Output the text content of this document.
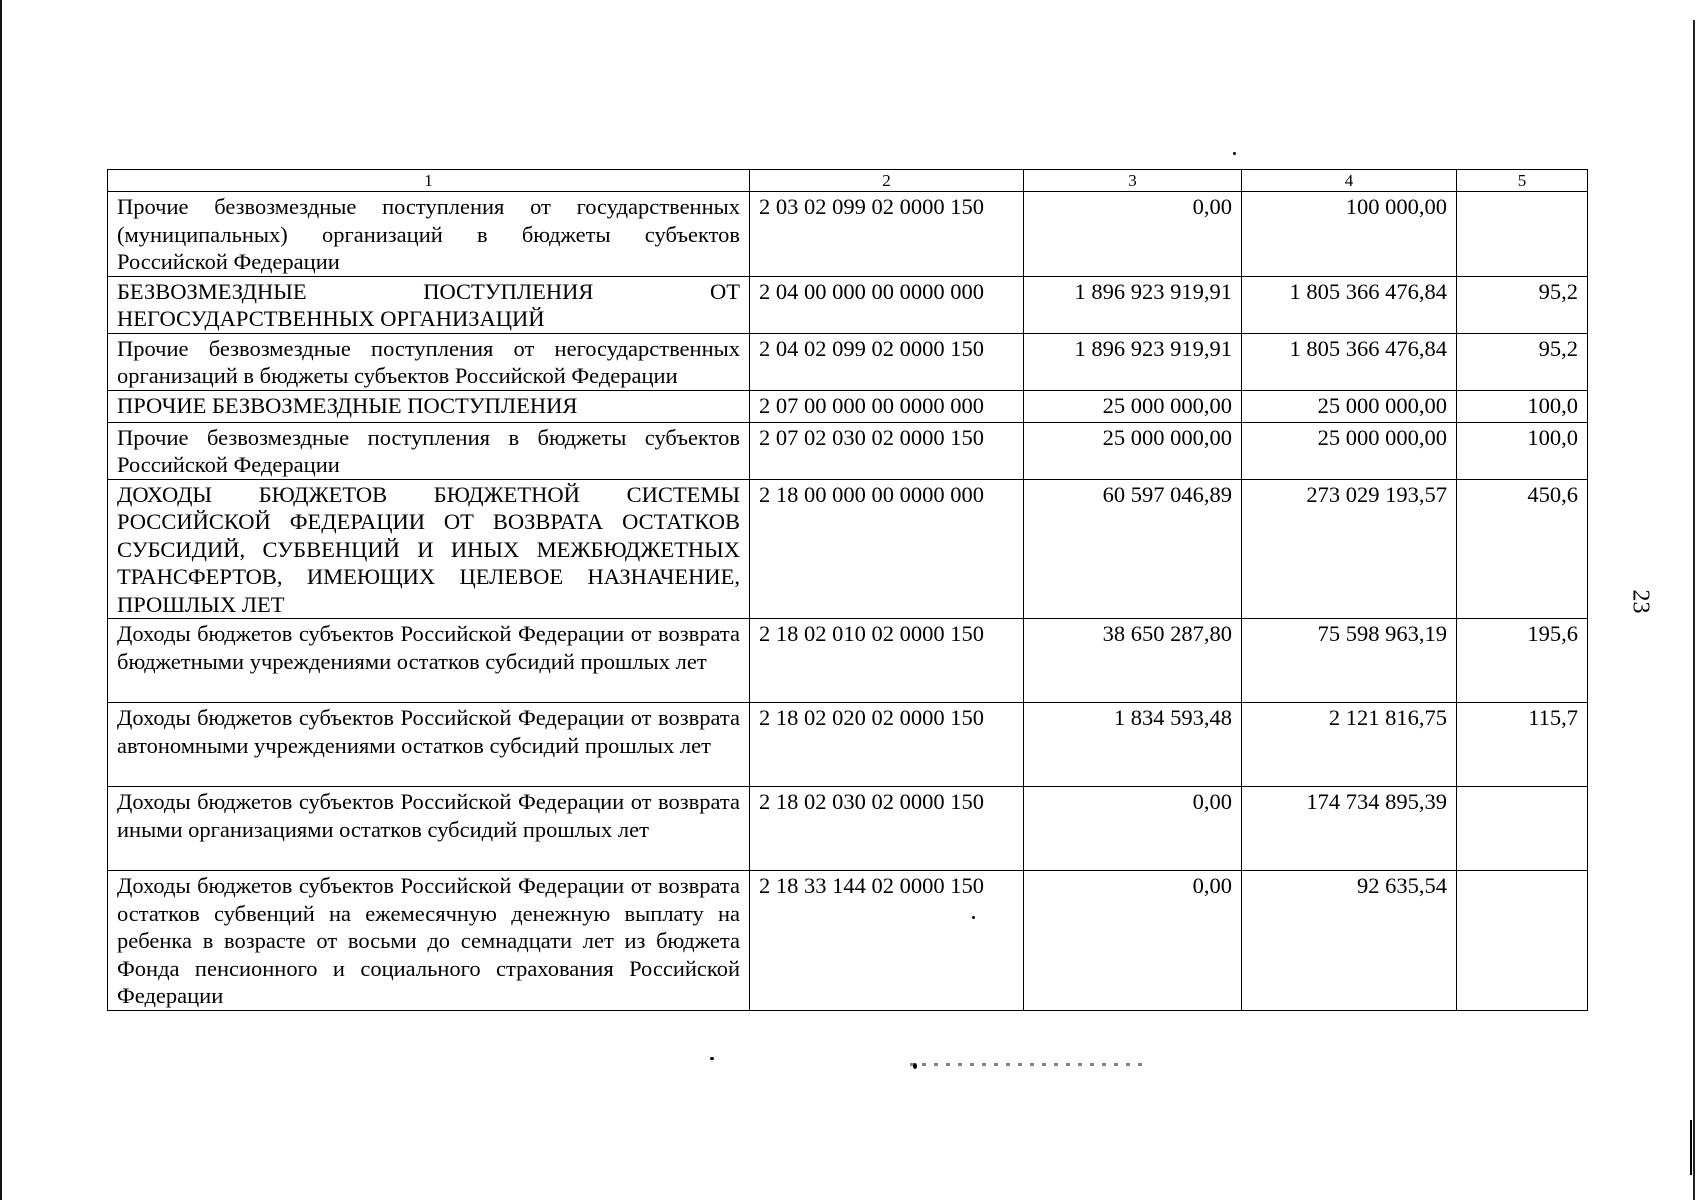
1	2	3	4	5
Прочие безвозмездные поступления от государственных (муниципальных) организаций в бюджеты субъектов Российской Федерации	2 03 02 099 02 0000 150	0,00	100 000,00	
БЕЗВОЗМЕЗДНЫЕ ПОСТУПЛЕНИЯ ОТ НЕГОСУДАРСТВЕННЫХ ОРГАНИЗАЦИЙ	2 04 00 000 00 0000 000	1 896 923 919,91	1 805 366 476,84	95,2
Прочие безвозмездные поступления от негосударственных организаций в бюджеты субъектов Российской Федерации	2 04 02 099 02 0000 150	1 896 923 919,91	1 805 366 476,84	95,2
ПРОЧИЕ БЕЗВОЗМЕЗДНЫЕ ПОСТУПЛЕНИЯ	2 07 00 000 00 0000 000	25 000 000,00	25 000 000,00	100,0
Прочие безвозмездные поступления в бюджеты субъектов Российской Федерации	2 07 02 030 02 0000 150	25 000 000,00	25 000 000,00	100,0
ДОХОДЫ БЮДЖЕТОВ БЮДЖЕТНОЙ СИСТЕМЫ РОССИЙСКОЙ ФЕДЕРАЦИИ ОТ ВОЗВРАТА ОСТАТКОВ СУБСИДИЙ, СУБВЕНЦИЙ И ИНЫХ МЕЖБЮДЖЕТНЫХ ТРАНСФЕРТОВ, ИМЕЮЩИХ ЦЕЛЕВОЕ НАЗНАЧЕНИЕ, ПРОШЛЫХ ЛЕТ	2 18 00 000 00 0000 000	60 597 046,89	273 029 193,57	450,6
Доходы бюджетов субъектов Российской Федерации от возврата бюджетными учреждениями остатков субсидий прошлых лет	2 18 02 010 02 0000 150	38 650 287,80	75 598 963,19	195,6
Доходы бюджетов субъектов Российской Федерации от возврата автономными учреждениями остатков субсидий прошлых лет	2 18 02 020 02 0000 150	1 834 593,48	2 121 816,75	115,7
Доходы бюджетов субъектов Российской Федерации от возврата иными организациями остатков субсидий прошлых лет	2 18 02 030 02 0000 150	0,00	174 734 895,39	
Доходы бюджетов субъектов Российской Федерации от возврата остатков субвенций на ежемесячную денежную выплату на ребенка в возрасте от восьми до семнадцати лет из бюджета Фонда пенсионного и социального страхования Российской Федерации	2 18 33 144 02 0000 150	0,00	92 635,54	
23
